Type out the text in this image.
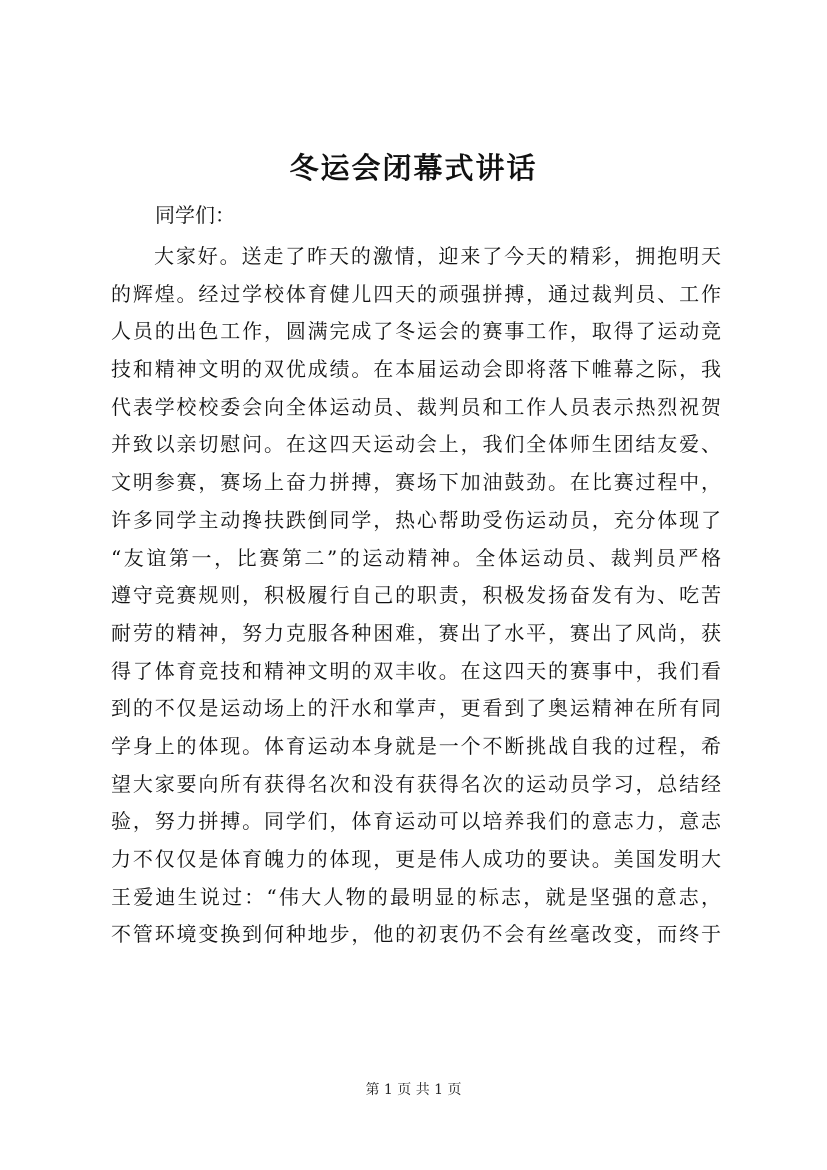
冬运会闭幕式讲话
同学们：
大家好。送走了昨天的激情，迎来了今天的精彩，拥抱明天
的辉煌。经过学校体育健儿四天的顽强拼搏，通过裁判员、工作
人员的出色工作，圆满完成了冬运会的赛事工作，取得了运动竞
技和精神文明的双优成绩。在本届运动会即将落下帷幕之际，我
代表学校校委会向全体运动员、裁判员和工作人员表示热烈祝贺
并致以亲切慰问。在这四天运动会上，我们全体师生团结友爱、
文明参赛，赛场上奋力拼搏，赛场下加油鼓劲。在比赛过程中，
许多同学主动搀扶跌倒同学，热心帮助受伤运动员，充分体现了
“友谊第一，比赛第二”的运动精神。全体运动员、裁判员严格
遵守竞赛规则，积极履行自己的职责，积极发扬奋发有为、吃苦
耐劳的精神，努力克服各种困难，赛出了水平，赛出了风尚，获
得了体育竞技和精神文明的双丰收。在这四天的赛事中，我们看
到的不仅是运动场上的汗水和掌声，更看到了奥运精神在所有同
学身上的体现。体育运动本身就是一个不断挑战自我的过程，希
望大家要向所有获得名次和没有获得名次的运动员学习，总结经
验，努力拼搏。同学们，体育运动可以培养我们的意志力，意志
力不仅仅是体育魄力的体现，更是伟人成功的要诀。美国发明大
王爱迪生说过：“伟大人物的最明显的标志，就是坚强的意志，
不管环境变换到何种地步，他的初衷仍不会有丝毫改变，而终于
第 1 页 共 1 页
